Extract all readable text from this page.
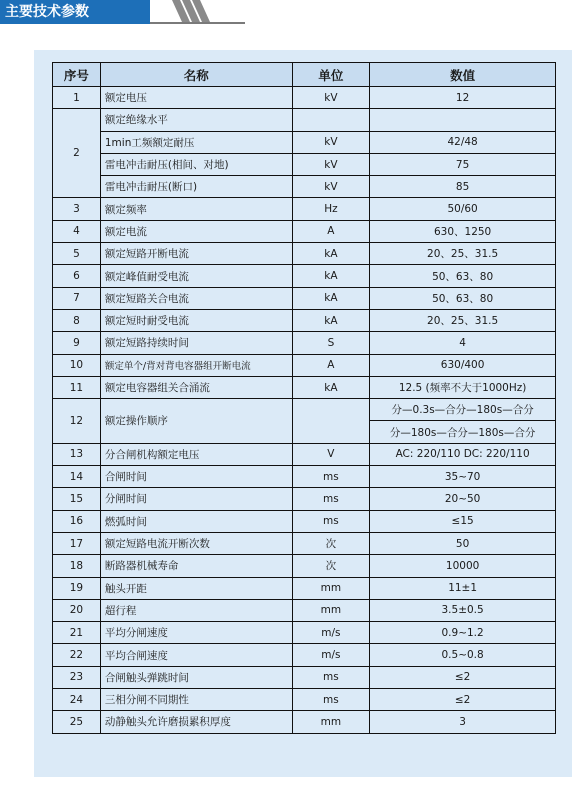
主要技术参数
序号	名称	单位	数值
1	额定电压	kV	12
2	额定绝缘水平		
	1min工频额定耐压	kV	42/48
	雷电冲击耐压(相间、对地)	kV	75
	雷电冲击耐压(断口)	kV	85
3	额定频率	Hz	50/60
4	额定电流	A	630、1250
5	额定短路开断电流	kA	20、25、31.5
6	额定峰值耐受电流	kA	50、63、80
7	额定短路关合电流	kA	50、63、80
8	额定短时耐受电流	kA	20、25、31.5
9	额定短路持续时间	S	4
10	额定单个/背对背电容器组开断电流	A	630/400
11	额定电容器组关合涌流	kA	12.5 (频率不大于1000Hz)
12	额定操作顺序		分—0.3s—合分—180s—合分
			分—180s—合分—180s—合分
13	分合闸机构额定电压	V	AC: 220/110 DC: 220/110
14	合闸时间	ms	35~70
15	分闸时间	ms	20~50
16	燃弧时间	ms	≤15
17	额定短路电流开断次数	次	50
18	断路器机械寿命	次	10000
19	触头开距	mm	11±1
20	超行程	mm	3.5±0.5
21	平均分闸速度	m/s	0.9~1.2
22	平均合闸速度	m/s	0.5~0.8
23	合闸触头弹跳时间	ms	≤2
24	三相分闸不同期性	ms	≤2
25	动静触头允许磨损累积厚度	mm	3
